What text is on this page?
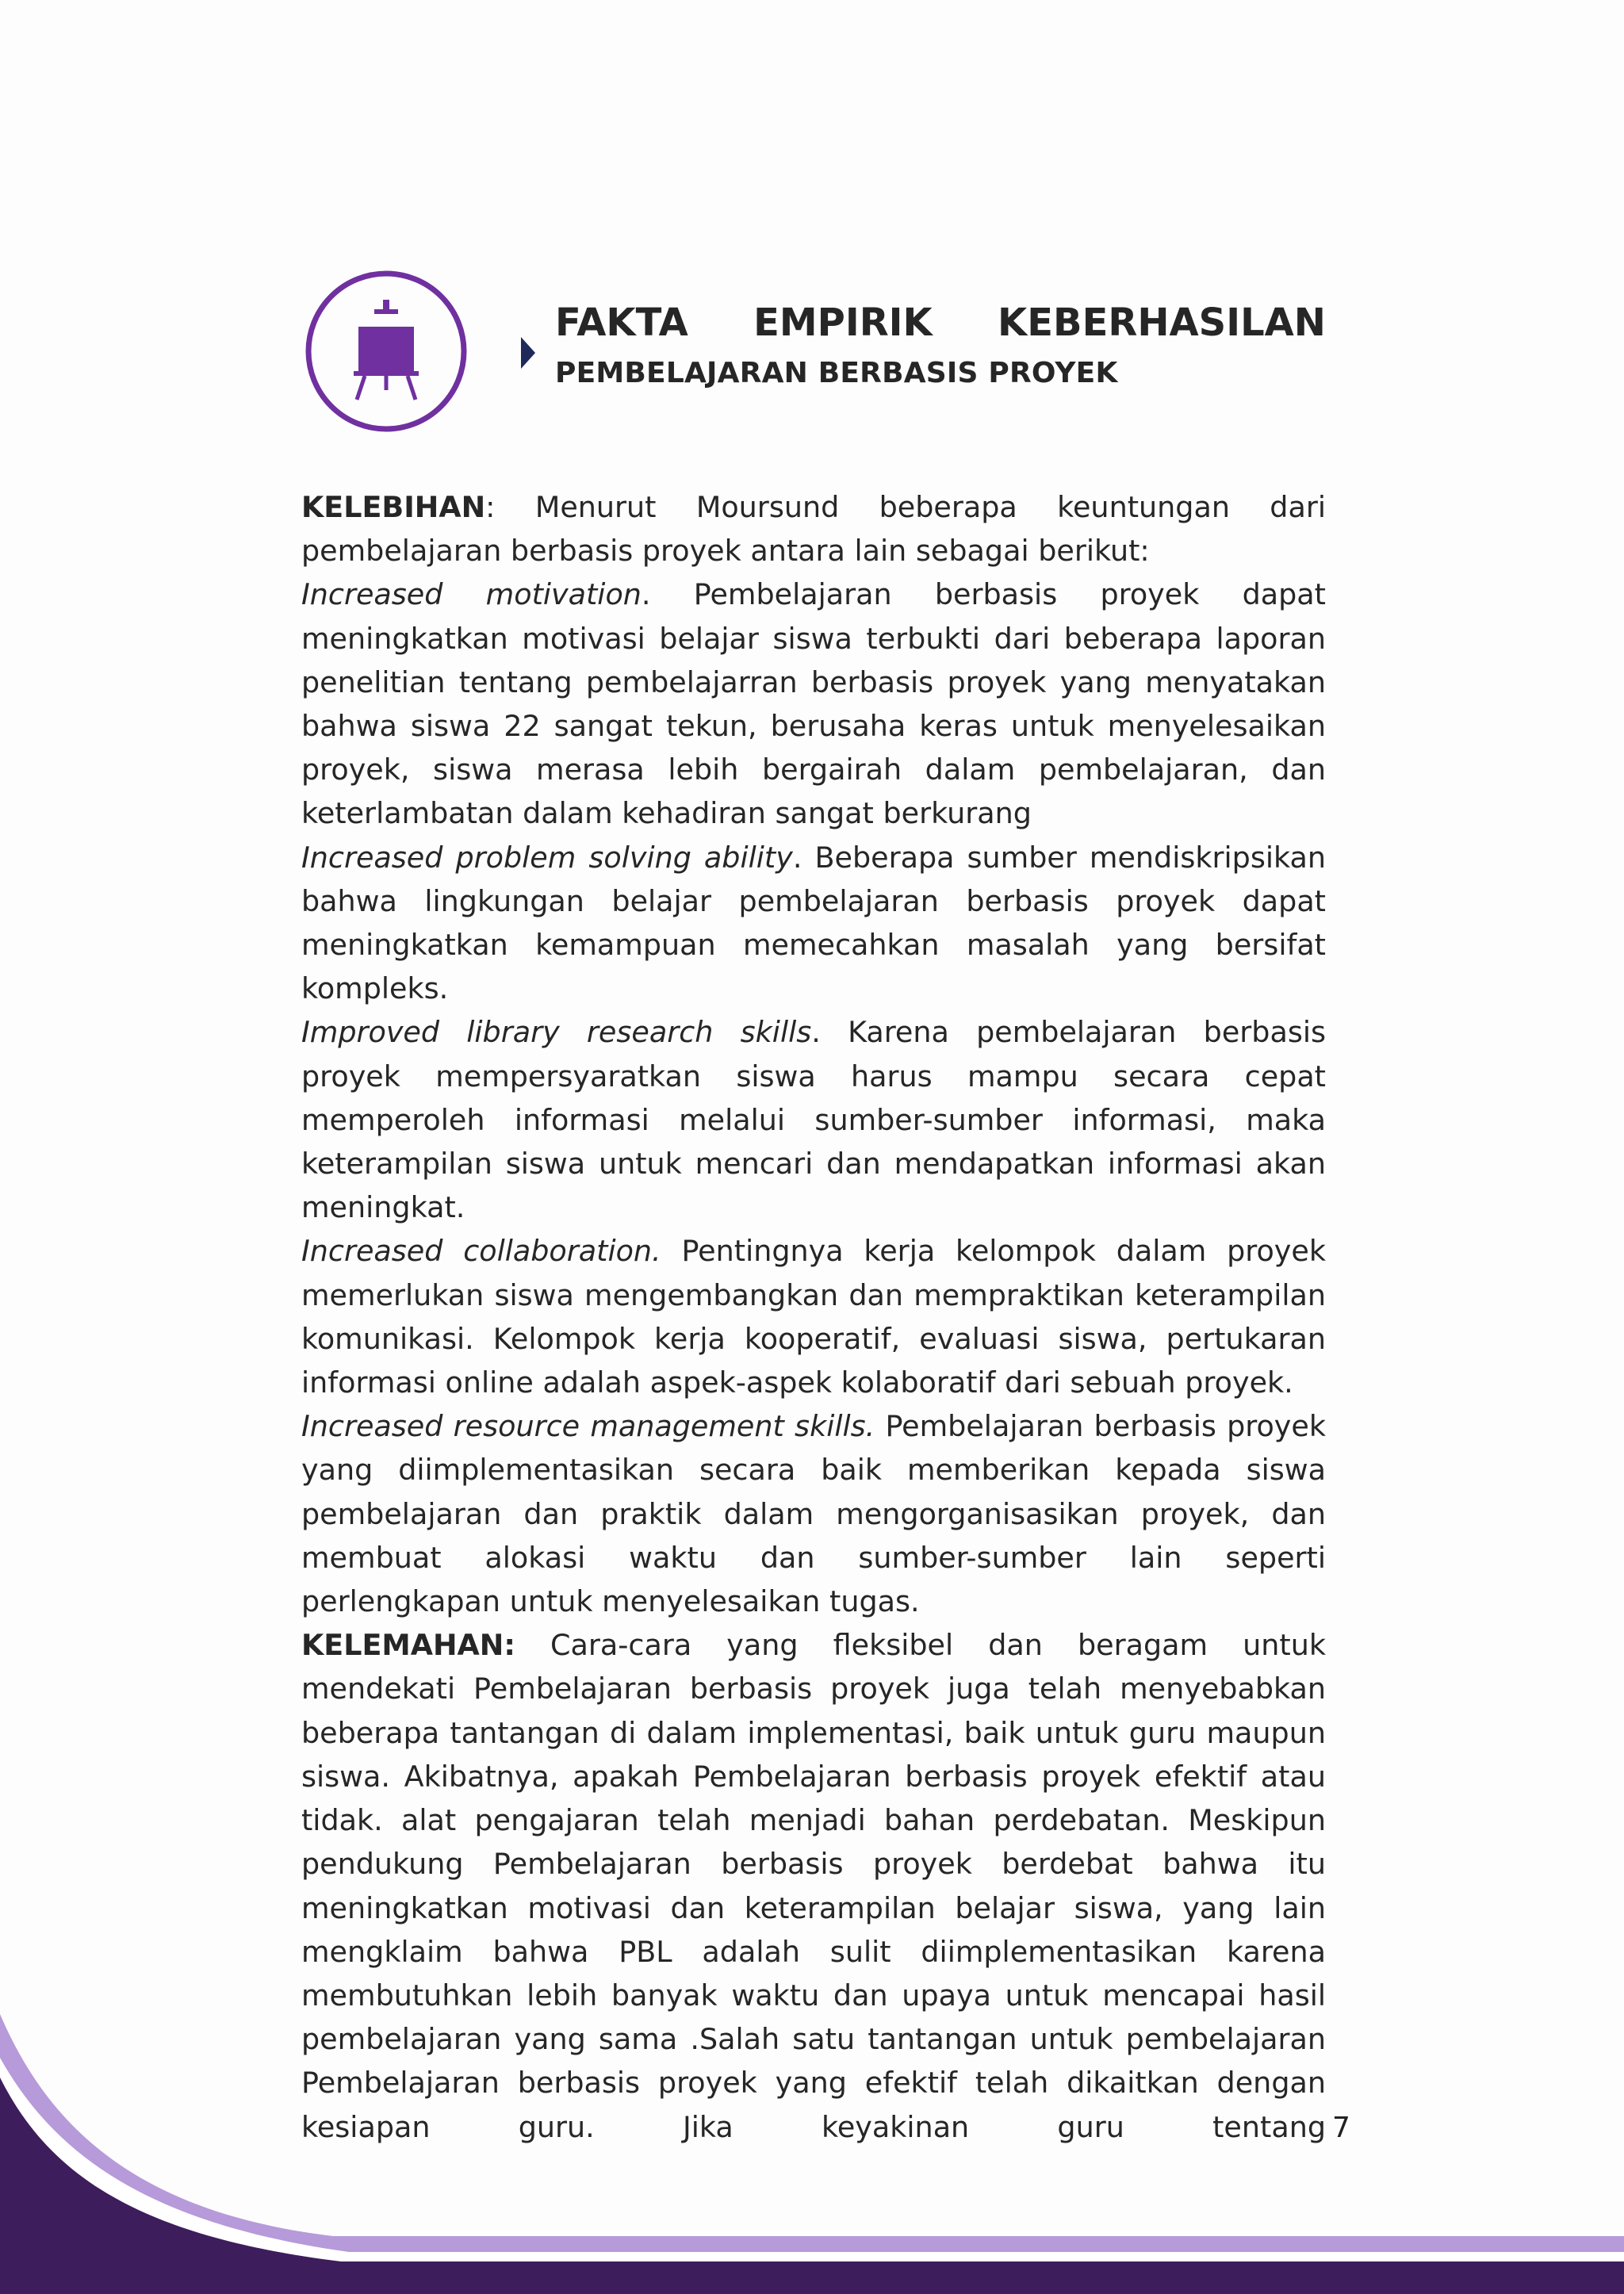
FAKTA EMPIRIK KEBERHASILAN
PEMBELAJARAN BERBASIS PROYEK

KELEBIHAN: Menurut Moursund beberapa keuntungan dari pembelajaran berbasis proyek antara lain sebagai berikut:

Increased motivation. Pembelajaran berbasis proyek dapat meningkatkan motivasi belajar siswa terbukti dari beberapa laporan penelitian tentang pembelajarran berbasis proyek yang menyatakan bahwa siswa 22 sangat tekun, berusaha keras untuk menyelesaikan proyek, siswa merasa lebih bergairah dalam pembelajaran, dan keterlambatan dalam kehadiran sangat berkurang

Increased problem solving ability. Beberapa sumber mendiskripsikan bahwa lingkungan belajar pembelajaran berbasis proyek dapat meningkatkan kemampuan memecahkan masalah yang bersifat kompleks.

Improved library research skills. Karena pembelajaran berbasis proyek mempersyaratkan siswa harus mampu secara cepat memperoleh informasi melalui sumber-sumber informasi, maka keterampilan siswa untuk mencari dan mendapatkan informasi akan meningkat.

Increased collaboration. Pentingnya kerja kelompok dalam proyek memerlukan siswa mengembangkan dan mempraktikan keterampilan komunikasi. Kelompok kerja kooperatif, evaluasi siswa, pertukaran informasi online adalah aspek-aspek kolaboratif dari sebuah proyek.

Increased resource management skills. Pembelajaran berbasis proyek yang diimplementasikan secara baik memberikan kepada siswa pembelajaran dan praktik dalam mengorganisasikan proyek, dan membuat alokasi waktu dan sumber-sumber lain seperti perlengkapan untuk menyelesaikan tugas.

KELEMAHAN: Cara-cara yang fleksibel dan beragam untuk mendekati Pembelajaran berbasis proyek juga telah menyebabkan beberapa tantangan di dalam implementasi, baik untuk guru maupun siswa. Akibatnya, apakah Pembelajaran berbasis proyek efektif atau tidak. alat pengajaran telah menjadi bahan perdebatan. Meskipun pendukung Pembelajaran berbasis proyek berdebat bahwa itu meningkatkan motivasi dan keterampilan belajar siswa, yang lain mengklaim bahwa PBL adalah sulit diimplementasikan karena membutuhkan lebih banyak waktu dan upaya untuk mencapai hasil pembelajaran yang sama .Salah satu tantangan untuk pembelajaran Pembelajaran berbasis proyek yang efektif telah dikaitkan dengan kesiapan guru. Jika keyakinan guru tentang 7
